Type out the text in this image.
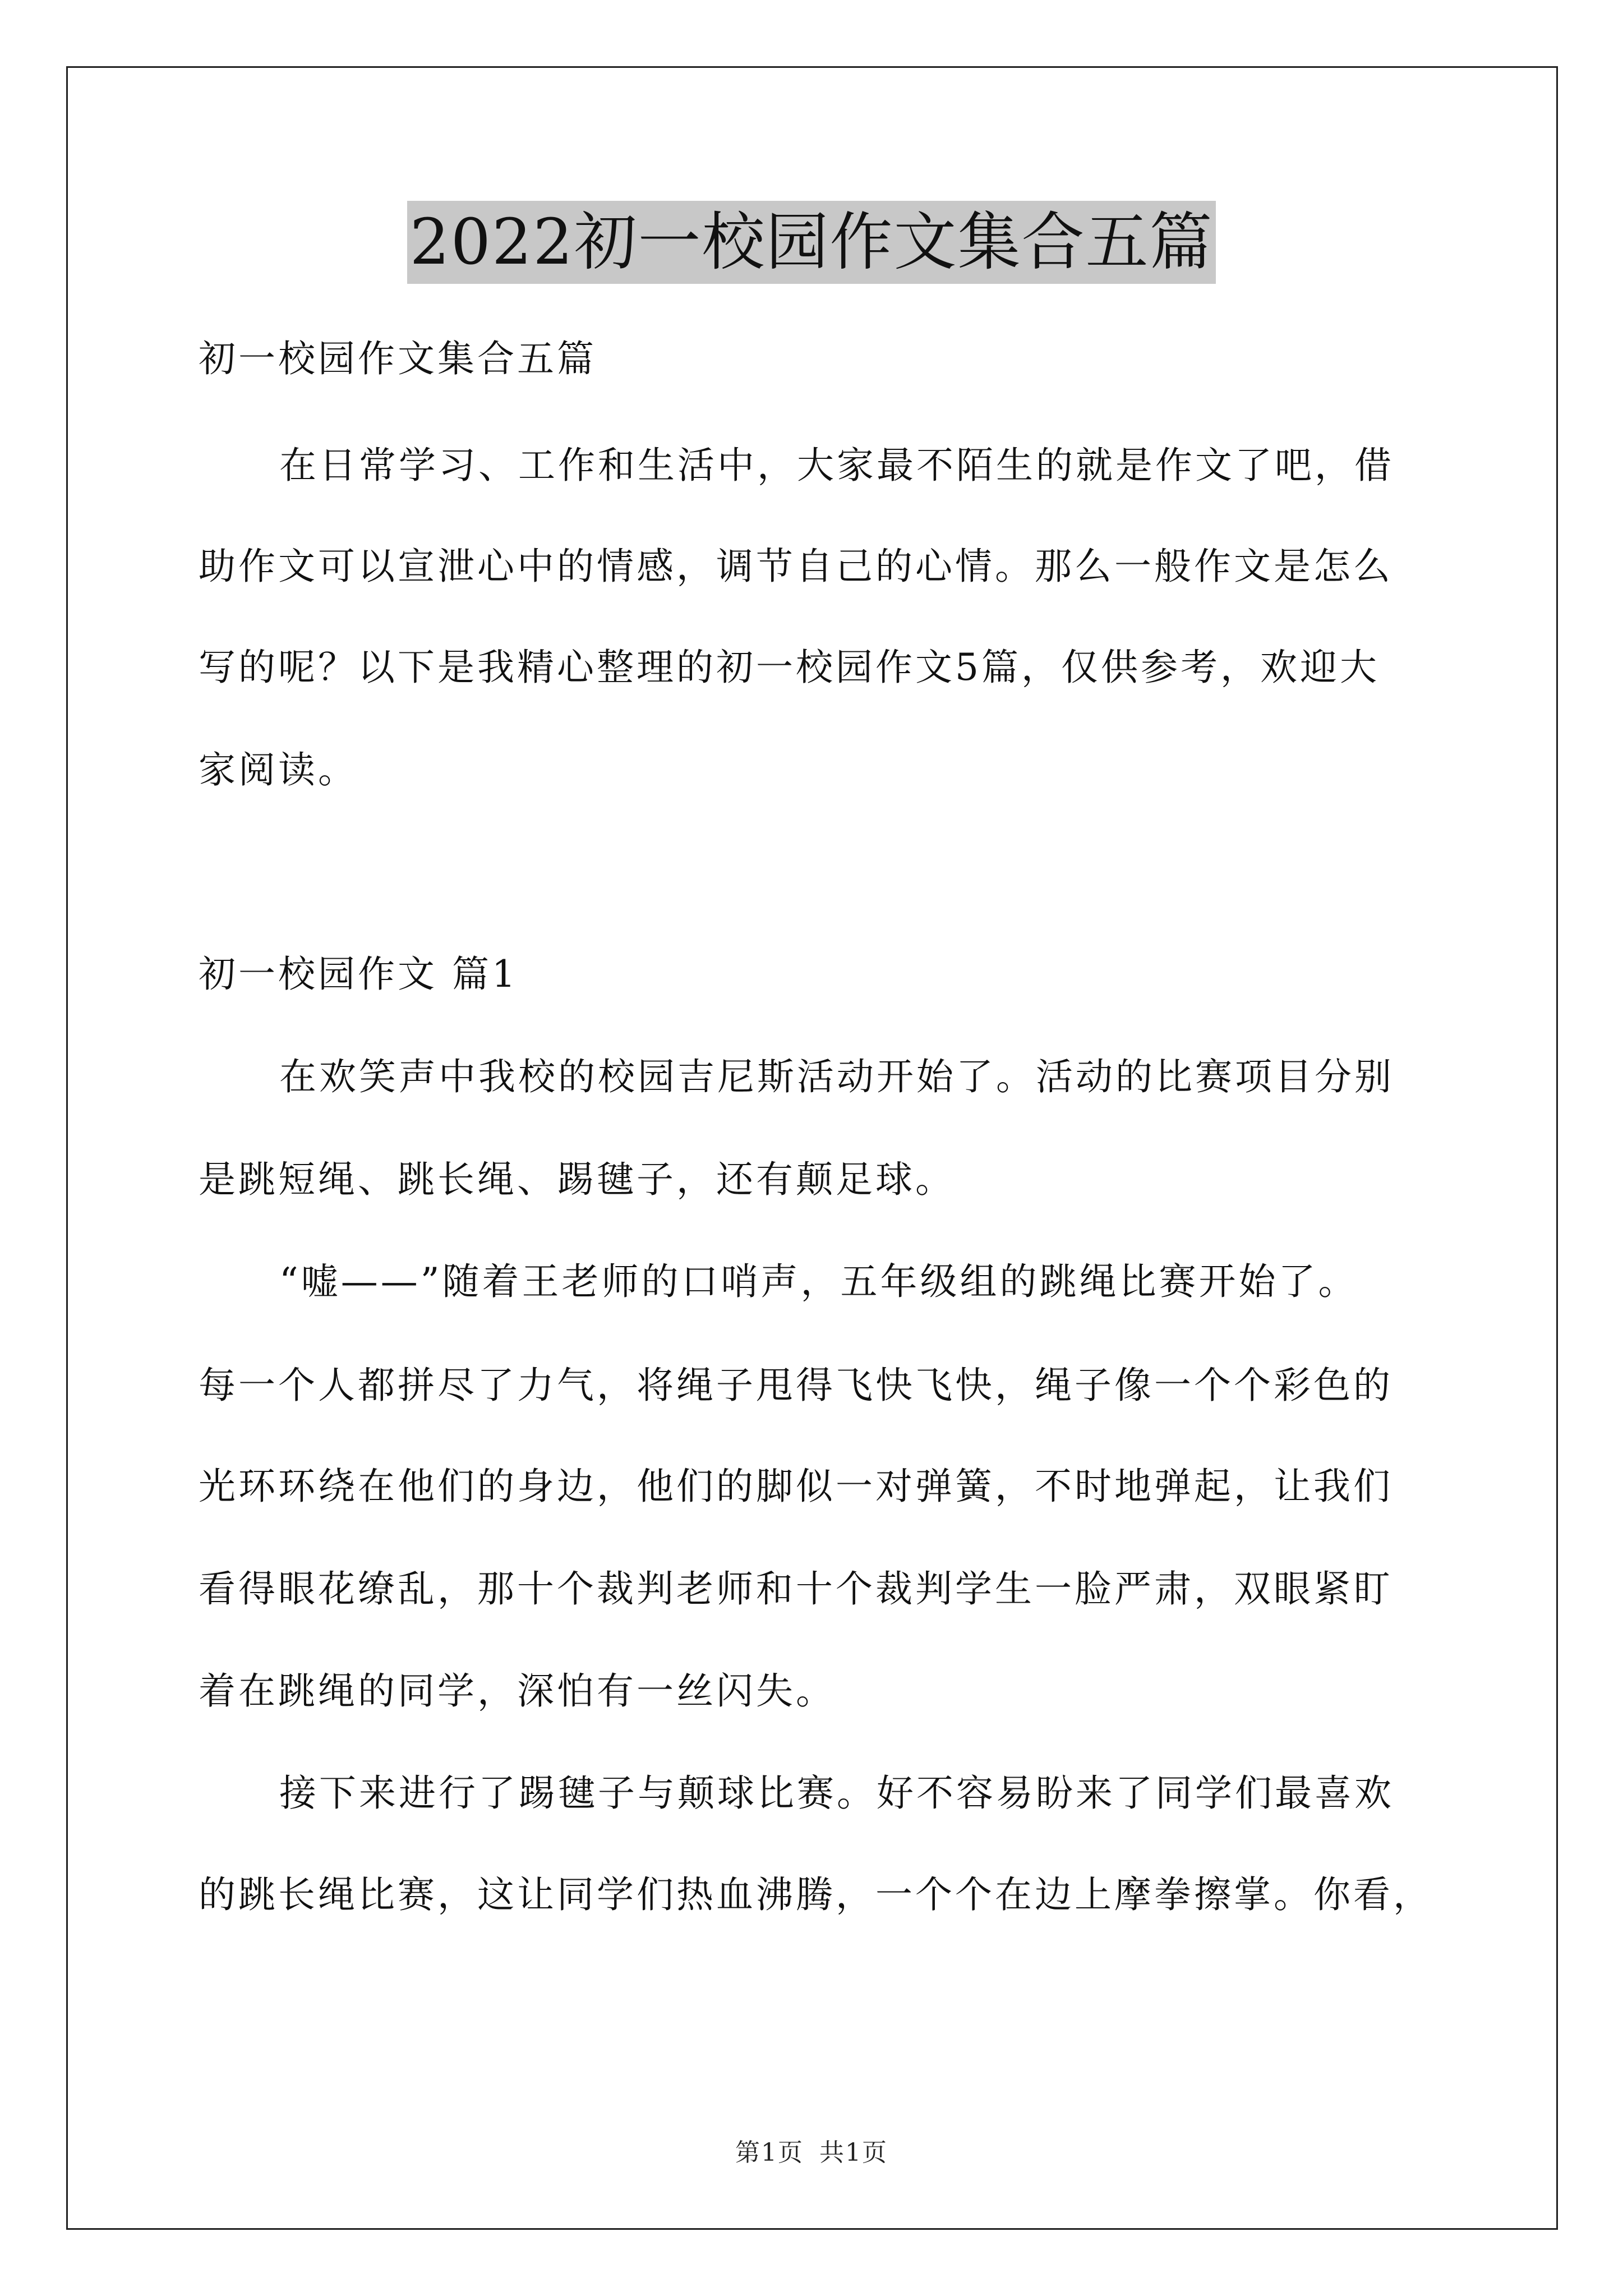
2022初一校园作文集合五篇

初一校园作文集合五篇

在日常学习、工作和生活中，大家最不陌生的就是作文了吧，借

助作文可以宣泄心中的情感，调节自己的心情。那么一般作文是怎么

写的呢？以下是我精心整理的初一校园作文5篇，仅供参考，欢迎大

家阅读。

初一校园作文 篇1

在欢笑声中我校的校园吉尼斯活动开始了。活动的比赛项目分别

是跳短绳、跳长绳、踢毽子，还有颠足球。

“嘘——”随着王老师的口哨声，五年级组的跳绳比赛开始了。

每一个人都拼尽了力气，将绳子甩得飞快飞快，绳子像一个个彩色的

光环环绕在他们的身边，他们的脚似一对弹簧，不时地弹起，让我们

看得眼花缭乱，那十个裁判老师和十个裁判学生一脸严肃，双眼紧盯

着在跳绳的同学，深怕有一丝闪失。

接下来进行了踢毽子与颠球比赛。好不容易盼来了同学们最喜欢

的跳长绳比赛，这让同学们热血沸腾，一个个在边上摩拳擦掌。你看，

第1页 共1页
